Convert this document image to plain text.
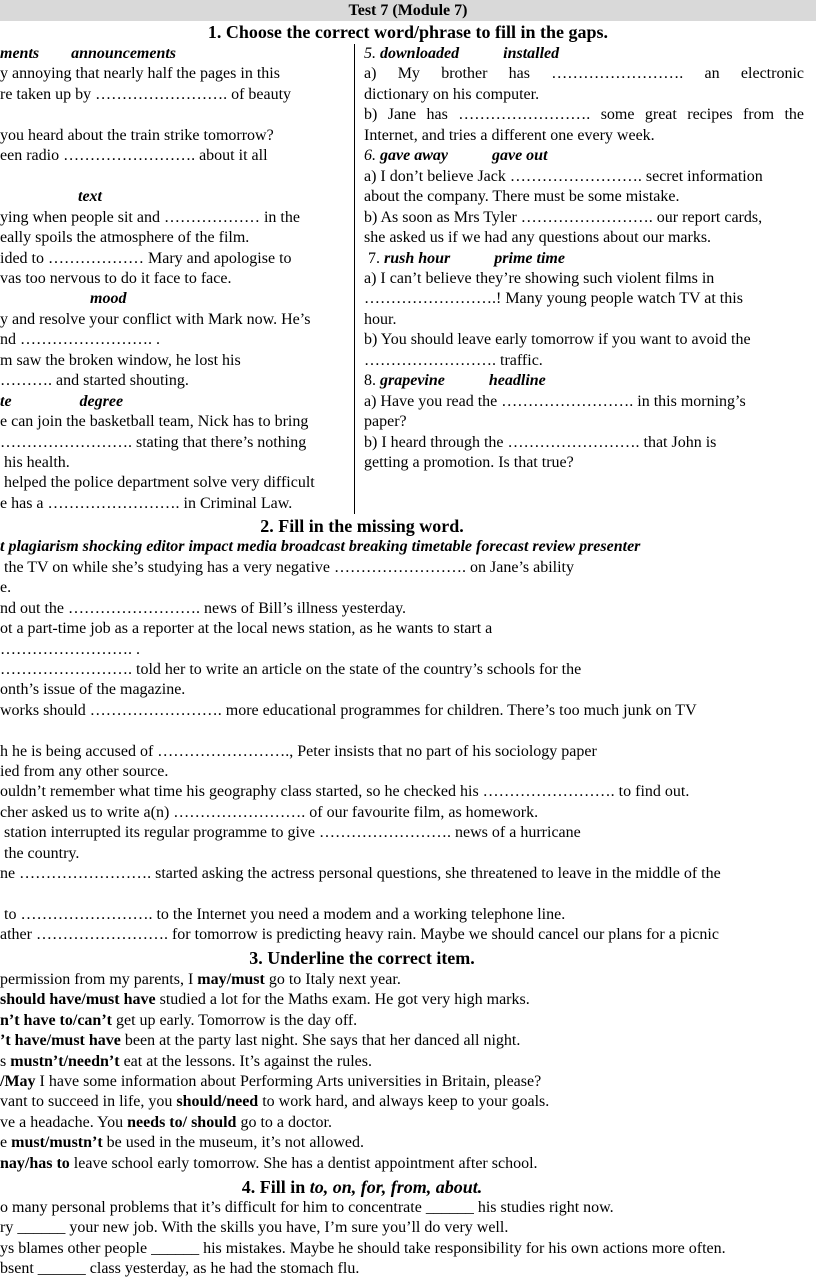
Test 7 (Module 7)
1. Choose the correct word/phrase to fill in the gaps.
ments        announcements
y annoying that nearly half the pages in this
re taken up by ……………………. of beauty
you heard about the train strike tomorrow?
een radio ……………………. about it all
text
ying when people sit and ……………… in the
eally spoils the atmosphere of the film.
ided to ……………… Mary and apologise to
vas too nervous to do it face to face.
mood
y and resolve your conflict with Mark now. He’s
nd ……………………. .
m saw the broken window, he lost his
………. and started shouting.
te                 degree
e can join the basketball team, Nick has to bring
……………………. stating that there’s nothing
his health.
helped the police department solve very difficult
e has a ……………………. in Criminal Law.
5. downloaded           installed
a) My brother has ……………………. an electronic
dictionary on his computer.
b) Jane has ……………………. some great recipes from the
Internet, and tries a different one every week.
6. gave away           gave out
a) I don’t believe Jack ……………………. secret information
about the company. There must be some mistake.
b) As soon as Mrs Tyler ……………………. our report cards,
she asked us if we had any questions about our marks.
7. rush hour           prime time
a) I can’t believe they’re showing such violent films in
…………………….! Many young people watch TV at this
hour.
b) You should leave early tomorrow if you want to avoid the
……………………. traffic.
8. grapevine           headline
a) Have you read the ……………………. in this morning’s
paper?
b) I heard through the ……………………. that John is
getting a promotion. Is that true?
2. Fill in the missing word.
t plagiarism shocking editor impact media broadcast breaking timetable forecast review presenter
the TV on while she’s studying has a very negative ……………………. on Jane’s ability
e.
nd out the ……………………. news of Bill’s illness yesterday.
ot a part-time job as a reporter at the local news station, as he wants to start a
……………………. .
……………………. told her to write an article on the state of the country’s schools for the
onth’s issue of the magazine.
works should ……………………. more educational programmes for children. There’s too much junk on TV
h he is being accused of ……………………., Peter insists that no part of his sociology paper
ied from any other source.
ouldn’t remember what time his geography class started, so he checked his ……………………. to find out.
cher asked us to write a(n) ……………………. of our favourite film, as homework.
station interrupted its regular programme to give ……………………. news of a hurricane
the country.
ne ……………………. started asking the actress personal questions, she threatened to leave in the middle of the
to ……………………. to the Internet you need a modem and a working telephone line.
ather ……………………. for tomorrow is predicting heavy rain. Maybe we should cancel our plans for a picnic
3. Underline the correct item.
permission from my parents, I may/must go to Italy next year.
should have/must have studied a lot for the Maths exam. He got very high marks.
n’t have to/can’t get up early. Tomorrow is the day off.
’t have/must have been at the party last night. She says that her danced all night.
s mustn’t/needn’t eat at the lessons. It’s against the rules.
/May I have some information about Performing Arts universities in Britain, please?
vant to succeed in life, you should/need to work hard, and always keep to your goals.
ve a headache. You needs to/ should go to a doctor.
e must/mustn’t be used in the museum, it’s not allowed.
nay/has to leave school early tomorrow. She has a dentist appointment after school.
4. Fill in to, on, for, from, about.
o many personal problems that it’s difficult for him to concentrate ______ his studies right now.
ry ______ your new job. With the skills you have, I’m sure you’ll do very well.
ys blames other people ______ his mistakes. Maybe he should take responsibility for his own actions more often.
bsent ______ class yesterday, as he had the stomach flu.
